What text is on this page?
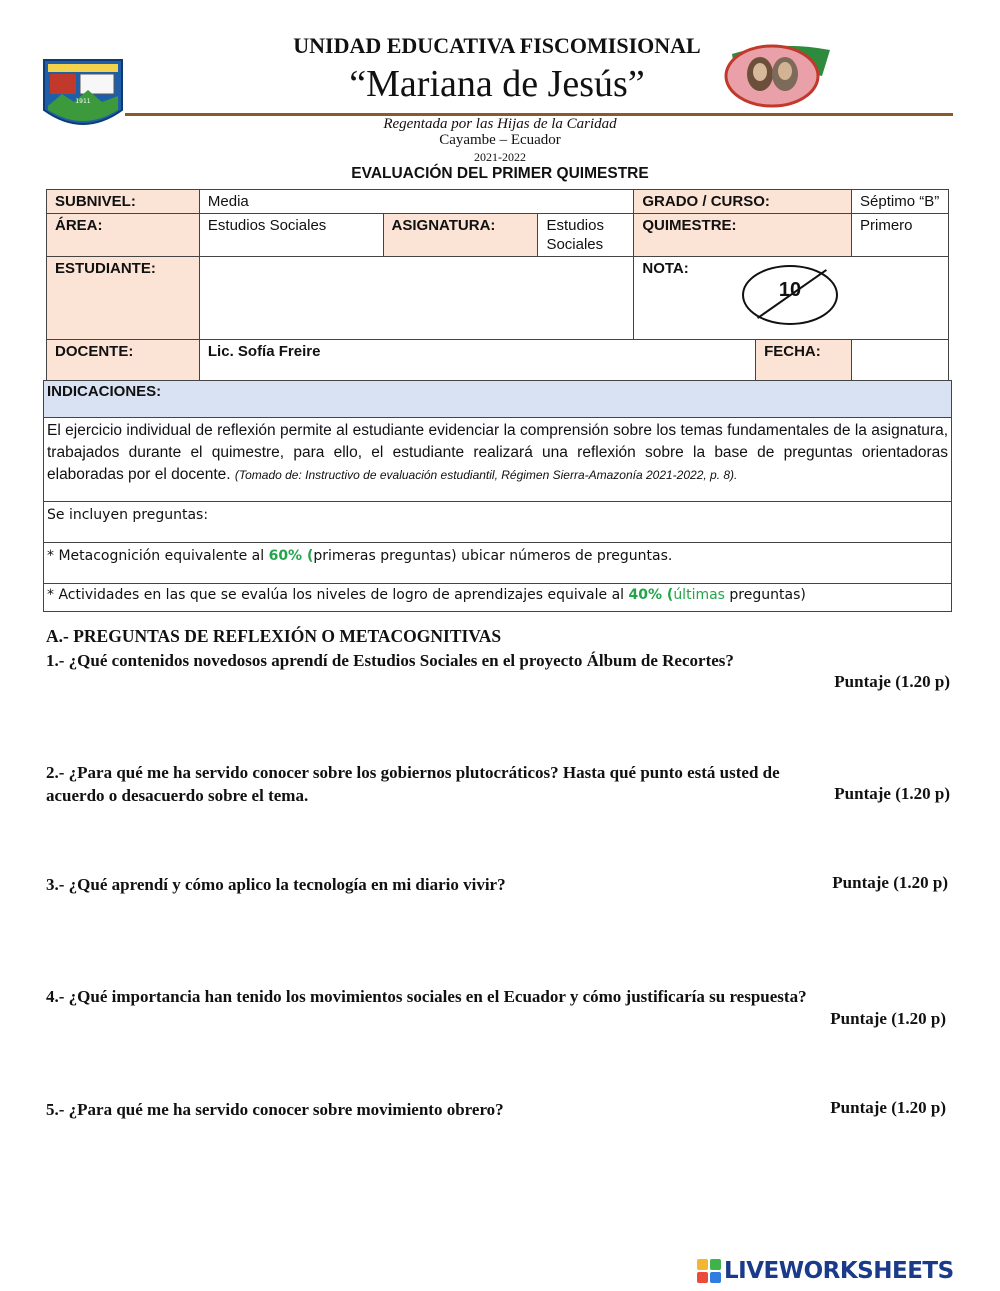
1911
UNIDAD EDUCATIVA FISCOMISIONAL
“Mariana de Jesús”
Regentada por las Hijas de la Caridad
Cayambe – Ecuador
2021-2022
EVALUACIÓN DEL PRIMER QUIMESTRE
SUBNIVEL:	Media			GRADO / CURSO:		Séptimo “B”
ÁREA:	Estudios Sociales	ASIGNATURA:	Estudios Sociales	QUIMESTRE:		Primero
ESTUDIANTE:				NOTA:
10		

DOCENTE:	Lic. Sofía Freire				FECHA:	
INDICACIONES:
El ejercicio individual de reflexión permite al estudiante evidenciar la comprensión sobre los temas fundamentales de la asignatura, trabajados durante el quimestre, para ello, el estudiante realizará una reflexión sobre la base de preguntas orientadoras elaboradas por el docente. (Tomado de: Instructivo de evaluación estudiantil, Régimen Sierra-Amazonía 2021-2022, p. 8).
Se incluyen preguntas:
* Metacognición equivalente al 60% (primeras preguntas) ubicar números de preguntas.
* Actividades en las que se evalúa los niveles de logro de aprendizajes equivale al 40% (últimas preguntas)
A.- PREGUNTAS DE REFLEXIÓN O METACOGNITIVAS
1.- ¿Qué contenidos novedosos aprendí de Estudios Sociales en el proyecto Álbum de Recortes?
Puntaje (1.20 p)
2.- ¿Para qué me ha servido conocer sobre los gobiernos plutocráticos? Hasta qué punto está usted de
acuerdo o desacuerdo sobre el tema.	Puntaje (1.20 p)
3.- ¿Qué aprendí y cómo aplico la tecnología en mi diario vivir?	Puntaje (1.20 p)
4.- ¿Qué importancia han tenido los movimientos sociales en el Ecuador y cómo justificaría su respuesta?
Puntaje (1.20 p)
5.- ¿Para qué me ha servido conocer sobre movimiento obrero?	Puntaje (1.20 p)
LIVEWORKSHEETS
